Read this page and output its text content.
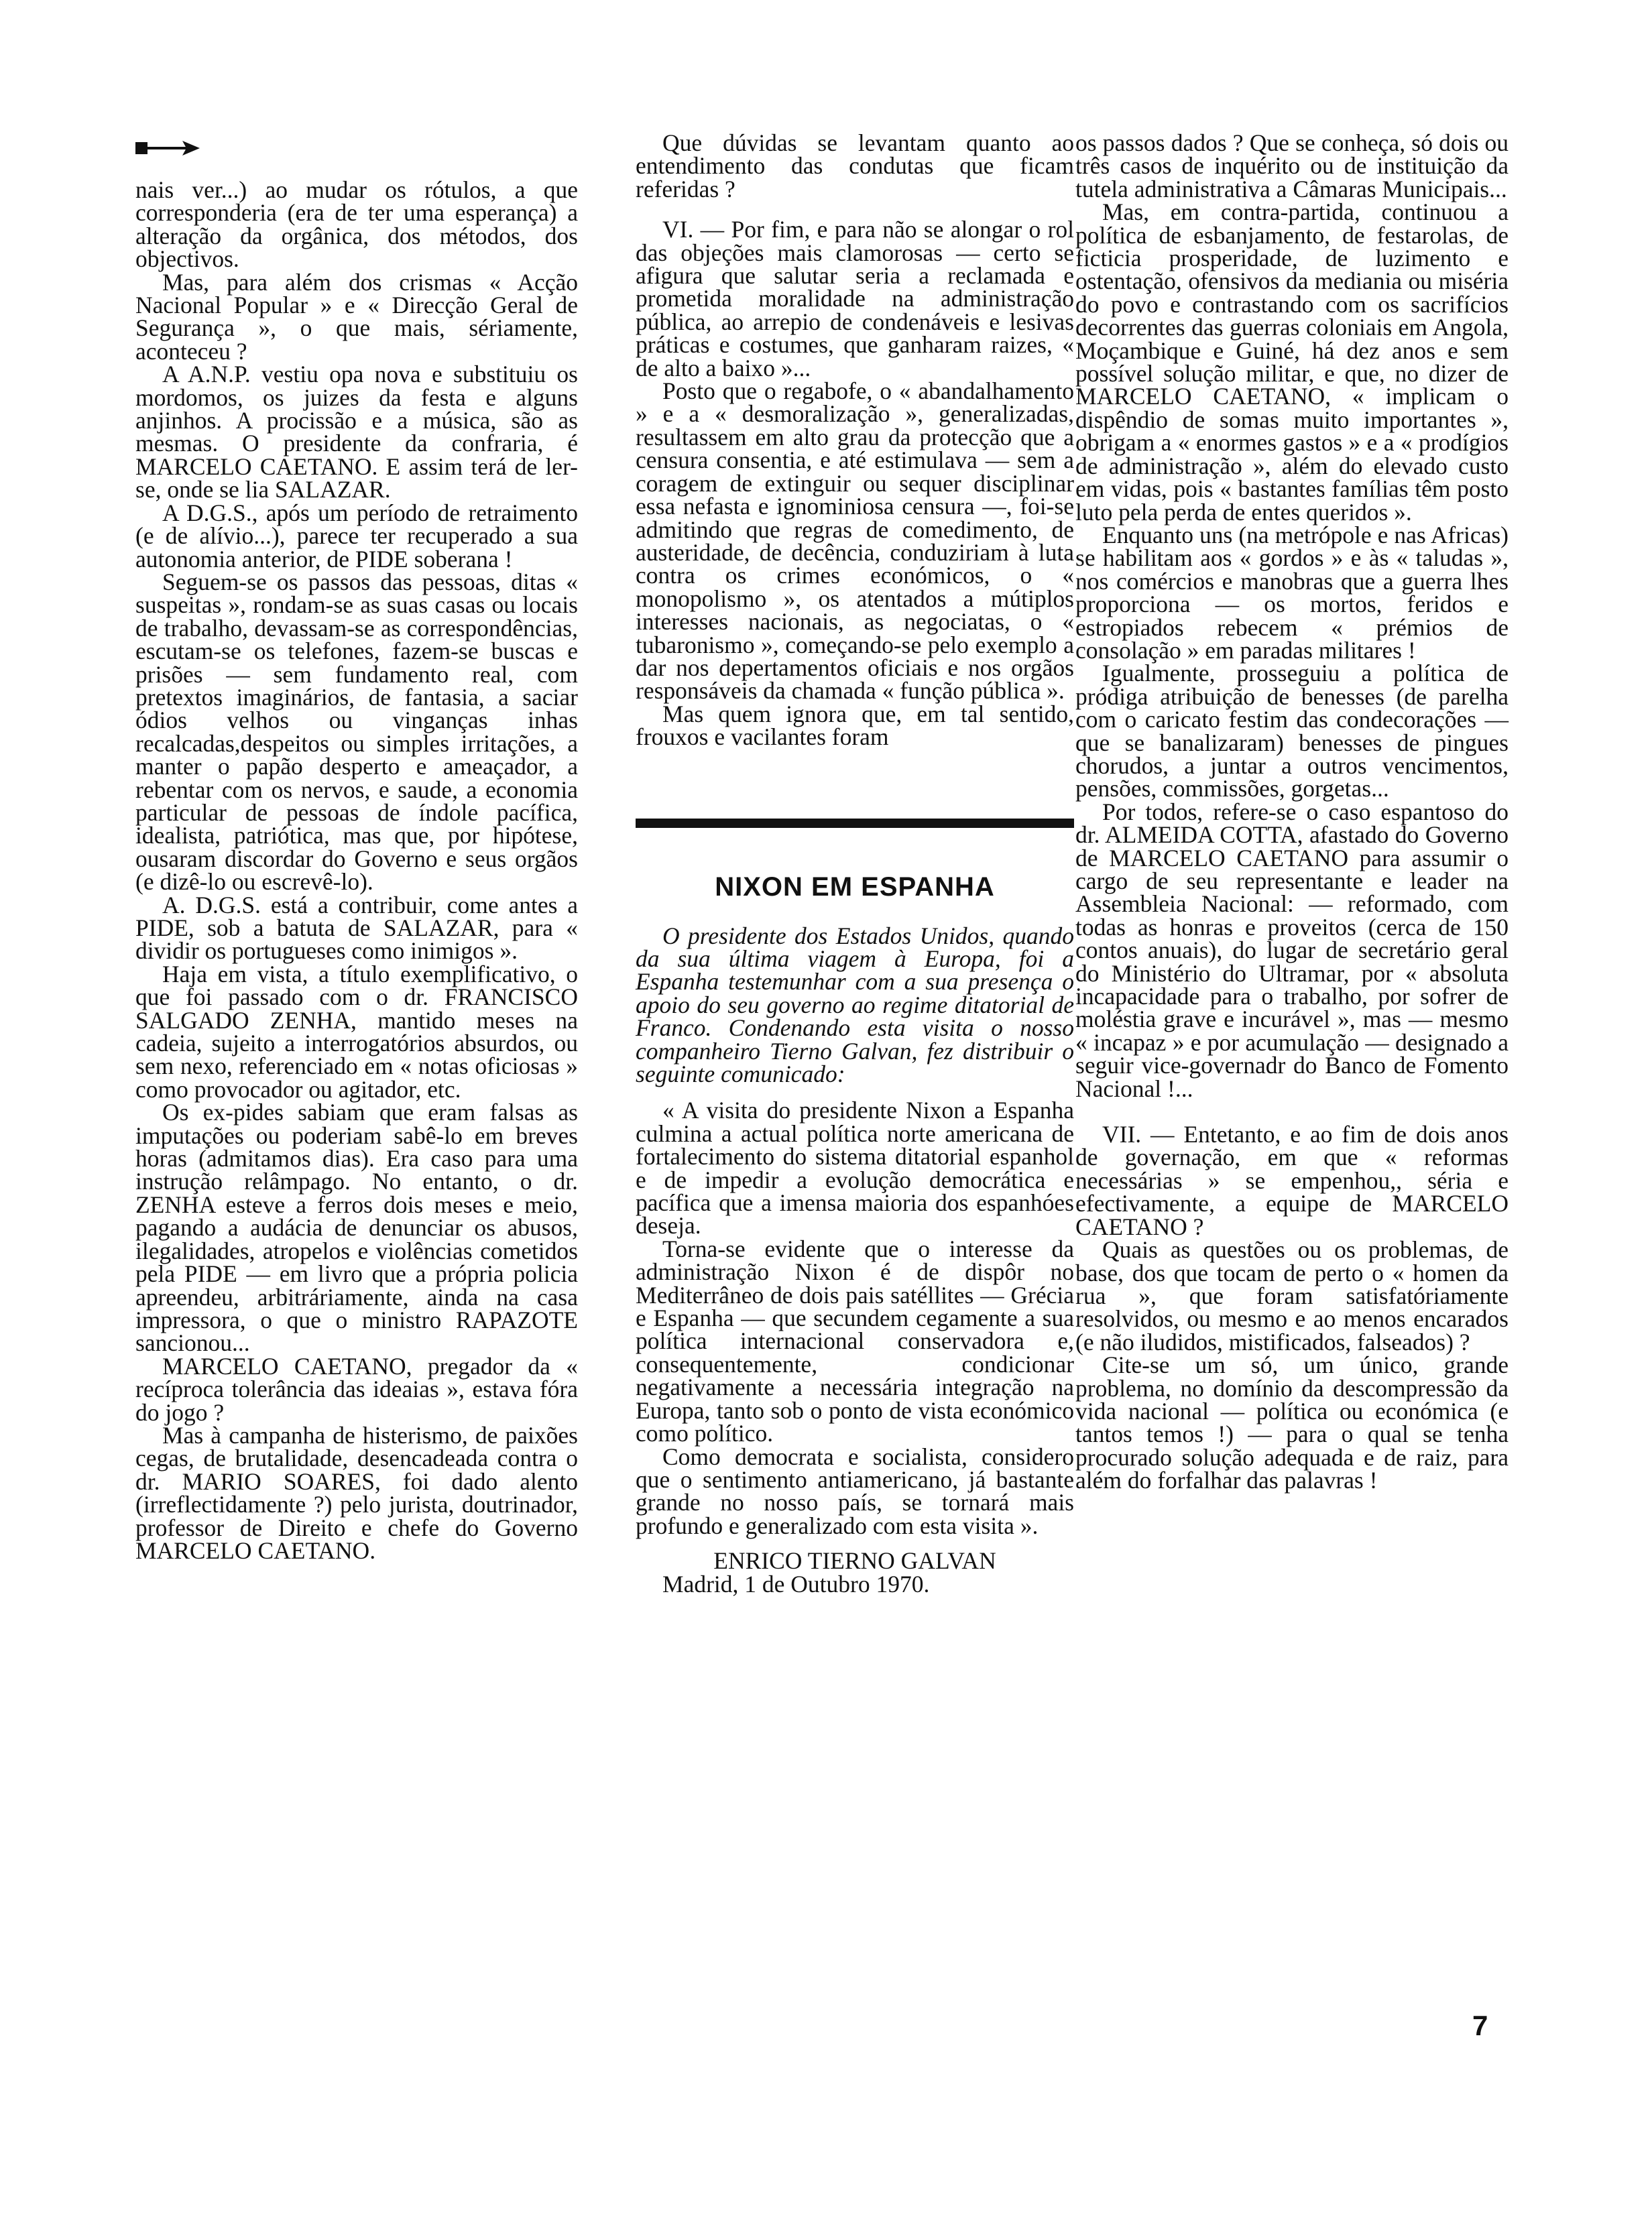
nais ver...) ao mudar os rótulos, a que corresponderia (era de ter uma esperança) a alteração da orgânica, dos métodos, dos objectivos.

Mas, para além dos crismas « Acção Nacional Popular » e « Direcção Geral de Segurança », o que mais, sériamente, aconteceu ?

A A.N.P. vestiu opa nova e substituiu os mordomos, os juizes da festa e alguns anjinhos. A procissão e a música, são as mesmas. O presidente da confraria, é MARCELO CAETANO. E assim terá de ler-se, onde se lia SALAZAR.

A D.G.S., após um período de retraimento (e de alívio...), parece ter recuperado a sua autonomia anterior, de PIDE soberana !

Seguem-se os passos das pessoas, ditas « suspeitas », rondam-se as suas casas ou locais de trabalho, devassam-se as correspondências, escutam-se os telefones, fazem-se buscas e prisões — sem fundamento real, com pretextos imaginários, de fantasia, a saciar ódios velhos ou vinganças inhas recalcadas,despeitos ou simples irritações, a manter o papão desperto e ameaçador, a rebentar com os nervos, e saude, a economia particular de pessoas de índole pacífica, idealista, patriótica, mas que, por hipótese, ousaram discordar do Governo e seus orgãos (e dizê-lo ou escrevê-lo).

A. D.G.S. está a contribuir, come antes a PIDE, sob a batuta de SALAZAR, para « dividir os portugueses como inimigos ».

Haja em vista, a título exemplificativo, o que foi passado com o dr. FRANCISCO SALGADO ZENHA, mantido meses na cadeia, sujeito a interrogatórios absurdos, ou sem nexo, referenciado em « notas oficiosas » como provocador ou agitador, etc.

Os ex-pides sabiam que eram falsas as imputações ou poderiam sabê-lo em breves horas (admitamos dias). Era caso para uma instrução relâmpago. No entanto, o dr. ZENHA esteve a ferros dois meses e meio, pagando a audácia de denunciar os abusos, ilegalidades, atropelos e violências cometidos pela PIDE — em livro que a própria policia apreendeu, arbitráriamente, ainda na casa impressora, o que o ministro RAPAZOTE sancionou...

MARCELO CAETANO, pregador da « recíproca tolerância das ideaias », estava fóra do jogo ?

Mas à campanha de histerismo, de paixões cegas, de brutalidade, desencadeada contra o dr. MARIO SOARES, foi dado alento (irreflectidamente ?) pelo jurista, doutrinador, professor de Direito e chefe do Governo MARCELO CAETANO.

Que dúvidas se levantam quanto ao entendimento das condutas que ficam referidas ?

VI. — Por fim, e para não se alongar o rol das objeções mais clamorosas — certo se afigura que salutar seria a reclamada e prometida moralidade na administração pública, ao arrepio de condenáveis e lesivas práticas e costumes, que ganharam raizes, « de alto a baixo »...

Posto que o regabofe, o « abandalhamento » e a « desmoralização », generalizadas, resultassem em alto grau da protecção que a censura consentia, e até estimulava — sem a coragem de extinguir ou sequer disciplinar essa nefasta e ignominiosa censura —, foi-se admitindo que regras de comedimento, de austeridade, de decência, conduziriam à luta contra os crimes económicos, o « monopolismo », os atentados a mútiplos interesses nacionais, as negociatas, o « tubaronismo », começando-se pelo exemplo a dar nos depertamentos oficiais e nos orgãos responsáveis da chamada « função pública ».

Mas quem ignora que, em tal sentido, frouxos e vacilantes foram

NIXON EM ESPANHA

O presidente dos Estados Unidos, quando da sua última viagem à Europa, foi a Espanha testemunhar com a sua presença o apoio do seu governo ao regime ditatorial de Franco. Condenando esta visita o nosso companheiro Tierno Galvan, fez distribuir o seguinte comunicado:

« A visita do presidente Nixon a Espanha culmina a actual política norte americana de fortalecimento do sistema ditatorial espanhol e de impedir a evolução democrática e pacífica que a imensa maioria dos espanhóes deseja.

Torna-se evidente que o interesse da administração Nixon é de dispôr no Mediterrâneo de dois pais satéllites — Grécia e Espanha — que secundem cegamente a sua política internacional conservadora e, consequentemente, condicionar negativamente a necessária integração na Europa, tanto sob o ponto de vista económico como político.

Como democrata e socialista, considero que o sentimento antiamericano, já bastante grande no nosso país, se tornará mais profundo e generalizado com esta visita ».

ENRICO TIERNO GALVAN

Madrid, 1 de Outubro 1970.

os passos dados ? Que se conheça, só dois ou três casos de inquérito ou de instituição da tutela administrativa a Câmaras Municipais...

Mas, em contra-partida, continuou a política de esbanjamento, de festarolas, de ficticia prosperidade, de luzimento e ostentação, ofensivos da mediania ou miséria do povo e contrastando com os sacrifícios decorrentes das guerras coloniais em Angola, Moçambique e Guiné, há dez anos e sem possível solução militar, e que, no dizer de MARCELO CAETANO, « implicam o dispêndio de somas muito importantes », obrigam a « enormes gastos » e a « prodígios de administração », além do elevado custo em vidas, pois « bastantes famílias têm posto luto pela perda de entes queridos ».

Enquanto uns (na metrópole e nas Africas) se habilitam aos « gordos » e às « taludas », nos comércios e manobras que a guerra lhes proporciona — os mortos, feridos e estropiados rebecem « prémios de consolação » em paradas militares !

Igualmente, prosseguiu a política de pródiga atribuição de benesses (de parelha com o caricato festim das condecorações — que se banalizaram) benesses de pingues chorudos, a juntar a outros vencimentos, pensões, commissões, gorgetas...

Por todos, refere-se o caso espantoso do dr. ALMEIDA COTTA, afastado do Governo de MARCELO CAETANO para assumir o cargo de seu representante e leader na Assembleia Nacional: — reformado, com todas as honras e proveitos (cerca de 150 contos anuais), do lugar de secretário geral do Ministério do Ultramar, por « absoluta incapacidade para o trabalho, por sofrer de moléstia grave e incurável », mas — mesmo « incapaz » e por acumulação — designado a seguir vice-governadr do Banco de Fomento Nacional !...

VII. — Entetanto, e ao fim de dois anos de governação, em que « reformas necessárias » se empenhou,, séria e efectivamente, a equipe de MARCELO CAETANO ?

Quais as questões ou os problemas, de base, dos que tocam de perto o « homen da rua », que foram satisfatóriamente resolvidos, ou mesmo e ao menos encarados (e não iludidos, mistificados, falseados) ?

Cite-se um só, um único, grande problema, no domínio da descompressão da vida nacional — política ou económica (e tantos temos !) — para o qual se tenha procurado solução adequada e de raiz, para além do forfalhar das palavras !

7
